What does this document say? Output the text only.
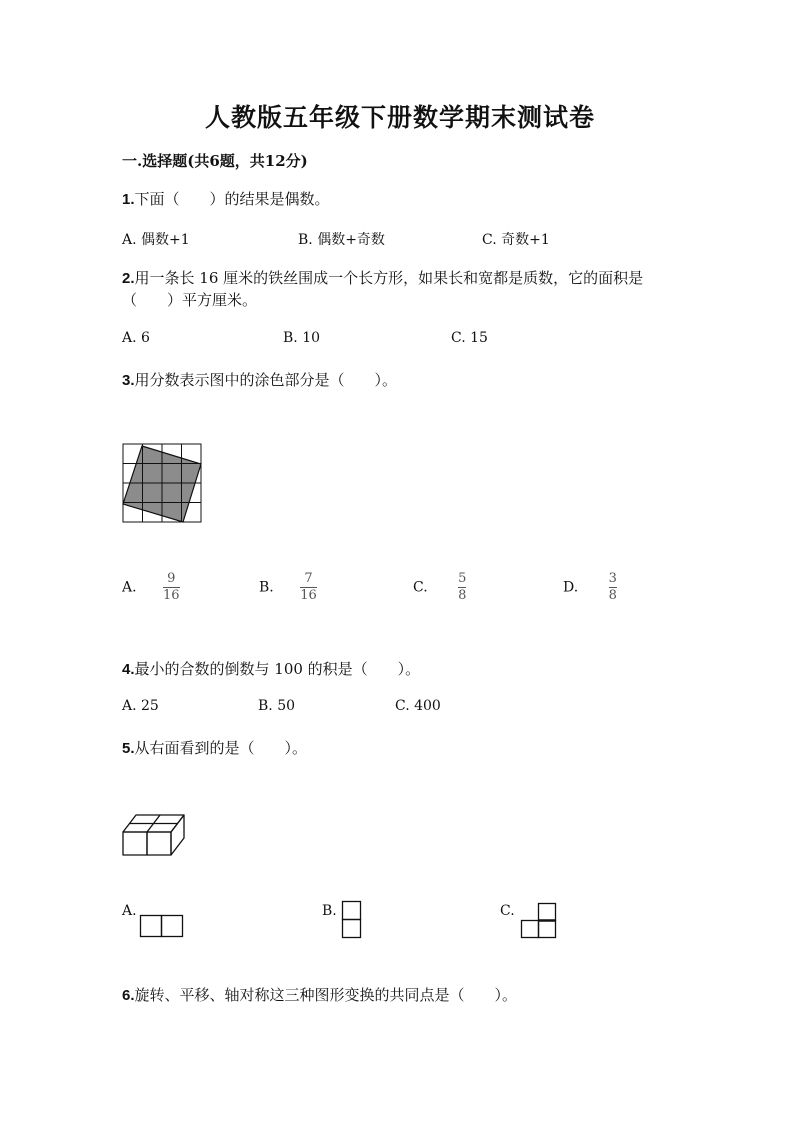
人教版五年级下册数学期末测试卷
一.选择题(共6题，共12分)
1.下面（　　）的结果是偶数。
A. 偶数+1	B. 偶数+奇数	C. 奇数+1
2.用一条长 16 厘米的铁丝围成一个长方形，如果长和宽都是质数，它的面积是
（　　）平方厘米。
A. 6	B. 10	C. 15
3.用分数表示图中的涂色部分是（　　）。
A. $\frac{9}{16}$	B. $\frac{7}{16}$	C. $\frac{5}{8}$	D. $\frac{3}{8}$
4.最小的合数的倒数与 100 的积是（　　）。
A. 25	B. 50	C. 400
5.从右面看到的是（　　）。
A.	B.	C.
6.旋转、平移、轴对称这三种图形变换的共同点是（　　）。
